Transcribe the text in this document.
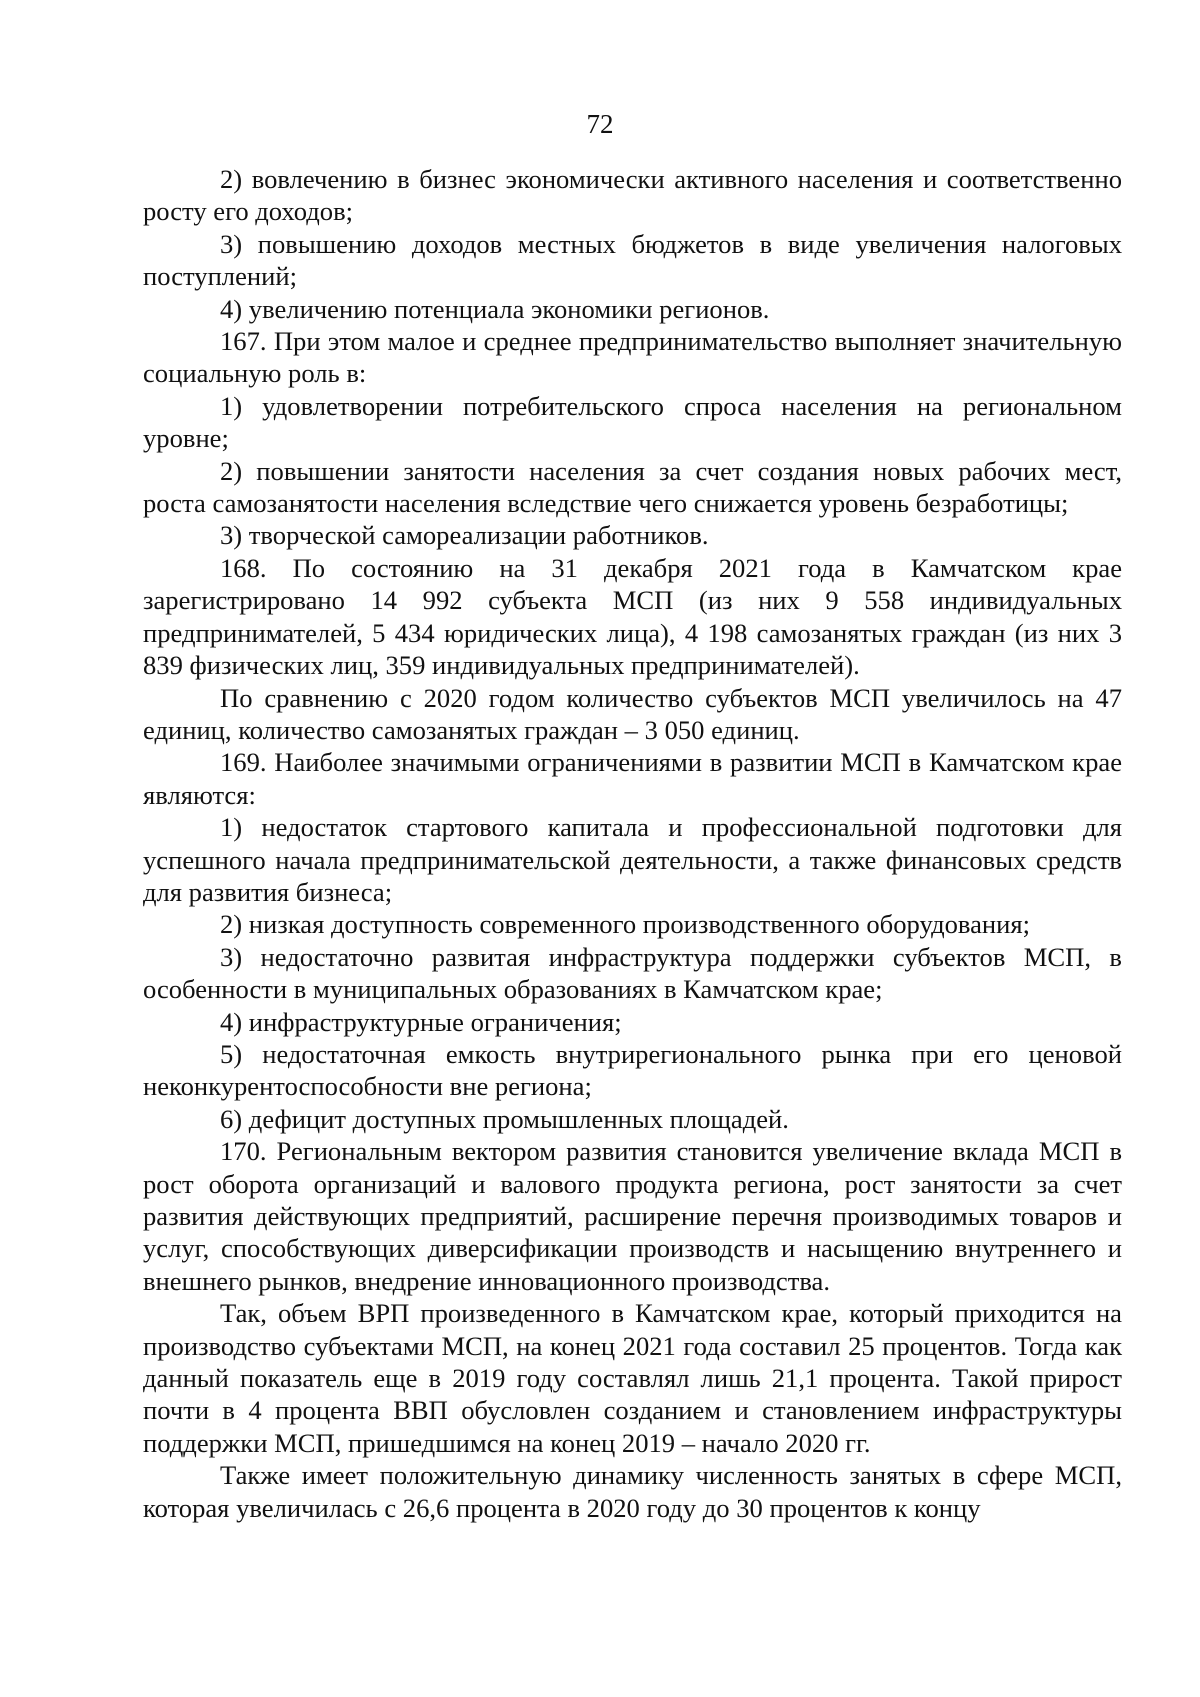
72

2) вовлечению в бизнес экономически активного населения и соответственно росту его доходов;

3) повышению доходов местных бюджетов в виде увеличения налоговых поступлений;

4) увеличению потенциала экономики регионов.

167. При этом малое и среднее предпринимательство выполняет значительную социальную роль в:

1) удовлетворении потребительского спроса населения на региональном уровне;

2) повышении занятости населения за счет создания новых рабочих мест, роста самозанятости населения вследствие чего снижается уровень безработицы;

3) творческой самореализации работников.

168. По состоянию на 31 декабря 2021 года в Камчатском крае зарегистрировано 14 992 субъекта МСП (из них 9 558 индивидуальных предпринимателей, 5 434 юридических лица), 4 198 самозанятых граждан (из них 3 839 физических лиц, 359 индивидуальных предпринимателей).

По сравнению с 2020 годом количество субъектов МСП увеличилось на 47 единиц, количество самозанятых граждан – 3 050 единиц.

169. Наиболее значимыми ограничениями в развитии МСП в Камчатском крае являются:

1) недостаток стартового капитала и профессиональной подготовки для успешного начала предпринимательской деятельности, а также финансовых средств для развития бизнеса;

2) низкая доступность современного производственного оборудования;

3) недостаточно развитая инфраструктура поддержки субъектов МСП, в особенности в муниципальных образованиях в Камчатском крае;

4) инфраструктурные ограничения;

5) недостаточная емкость внутрирегионального рынка при его ценовой неконкурентоспособности вне региона;

6) дефицит доступных промышленных площадей.

170. Региональным вектором развития становится увеличение вклада МСП в рост оборота организаций и валового продукта региона, рост занятости за счет развития действующих предприятий, расширение перечня производимых товаров и услуг, способствующих диверсификации производств и насыщению внутреннего и внешнего рынков, внедрение инновационного производства.

Так, объем ВРП произведенного в Камчатском крае, который приходится на производство субъектами МСП, на конец 2021 года составил 25 процентов. Тогда как данный показатель еще в 2019 году составлял лишь 21,1 процента. Такой прирост почти в 4 процента ВВП обусловлен созданием и становлением инфраструктуры поддержки МСП, пришедшимся на конец 2019 – начало 2020 гг.

Также имеет положительную динамику численность занятых в сфере МСП, которая увеличилась с 26,6 процента в 2020 году до 30 процентов к концу
